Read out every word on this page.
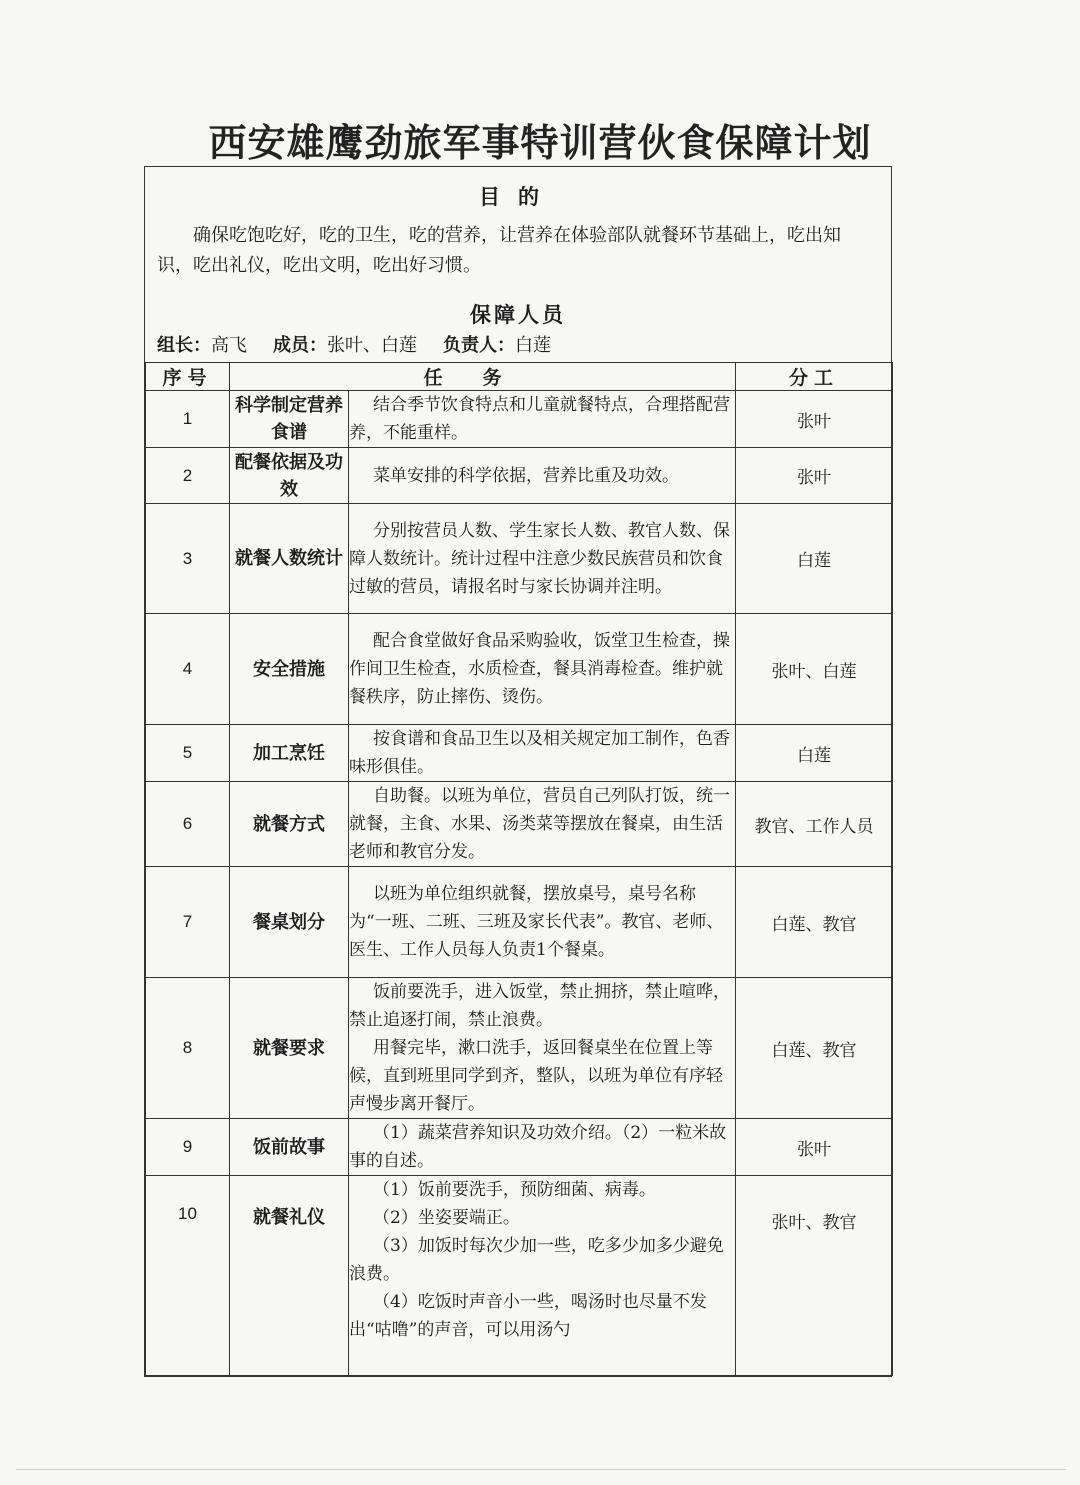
西安雄鹰劲旅军事特训营伙食保障计划
目的
确保吃饱吃好，吃的卫生，吃的营养，让营养在体验部队就餐环节基础上，吃出知识，吃出礼仪，吃出文明，吃出好习惯。
保障人员
组长：高飞 成员：张叶、白莲 负责人：白莲
序号	任务		分工
1	科学制定营养食谱	结合季节饮食特点和儿童就餐特点，合理搭配营养，不能重样。	张叶
2	配餐依据及功效	菜单安排的科学依据，营养比重及功效。	张叶
3	就餐人数统计	分别按营员人数、学生家长人数、教官人数、保障人数统计。统计过程中注意少数民族营员和饮食过敏的营员，请报名时与家长协调并注明。	白莲
4	安全措施	配合食堂做好食品采购验收，饭堂卫生检查，操作间卫生检查，水质检查，餐具消毒检查。维护就餐秩序，防止摔伤、烫伤。	张叶、白莲
5	加工烹饪	按食谱和食品卫生以及相关规定加工制作，色香味形俱佳。	白莲
6	就餐方式	自助餐。以班为单位，营员自己列队打饭，统一就餐，主食、水果、汤类菜等摆放在餐桌，由生活老师和教官分发。	教官、工作人员
7	餐桌划分	以班为单位组织就餐，摆放桌号，桌号名称为“一班、二班、三班及家长代表”。教官、老师、医生、工作人员每人负责1个餐桌。	白莲、教官
8	就餐要求	饭前要洗手，进入饭堂，禁止拥挤，禁止喧哗，禁止追逐打闹，禁止浪费。

用餐完毕，漱口洗手，返回餐桌坐在位置上等候，直到班里同学到齐，整队，以班为单位有序轻声慢步离开餐厅。	白莲、教官
9	饭前故事	（1）蔬菜营养知识及功效介绍。（2）一粒米故事的自述。	张叶
10	就餐礼仪	（1）饭前要洗手，预防细菌、病毒。

（2）坐姿要端正。

（3）加饭时每次少加一些，吃多少加多少避免浪费。

（4）吃饭时声音小一些，喝汤时也尽量不发出“咕噜”的声音，可以用汤勺	张叶、教官
